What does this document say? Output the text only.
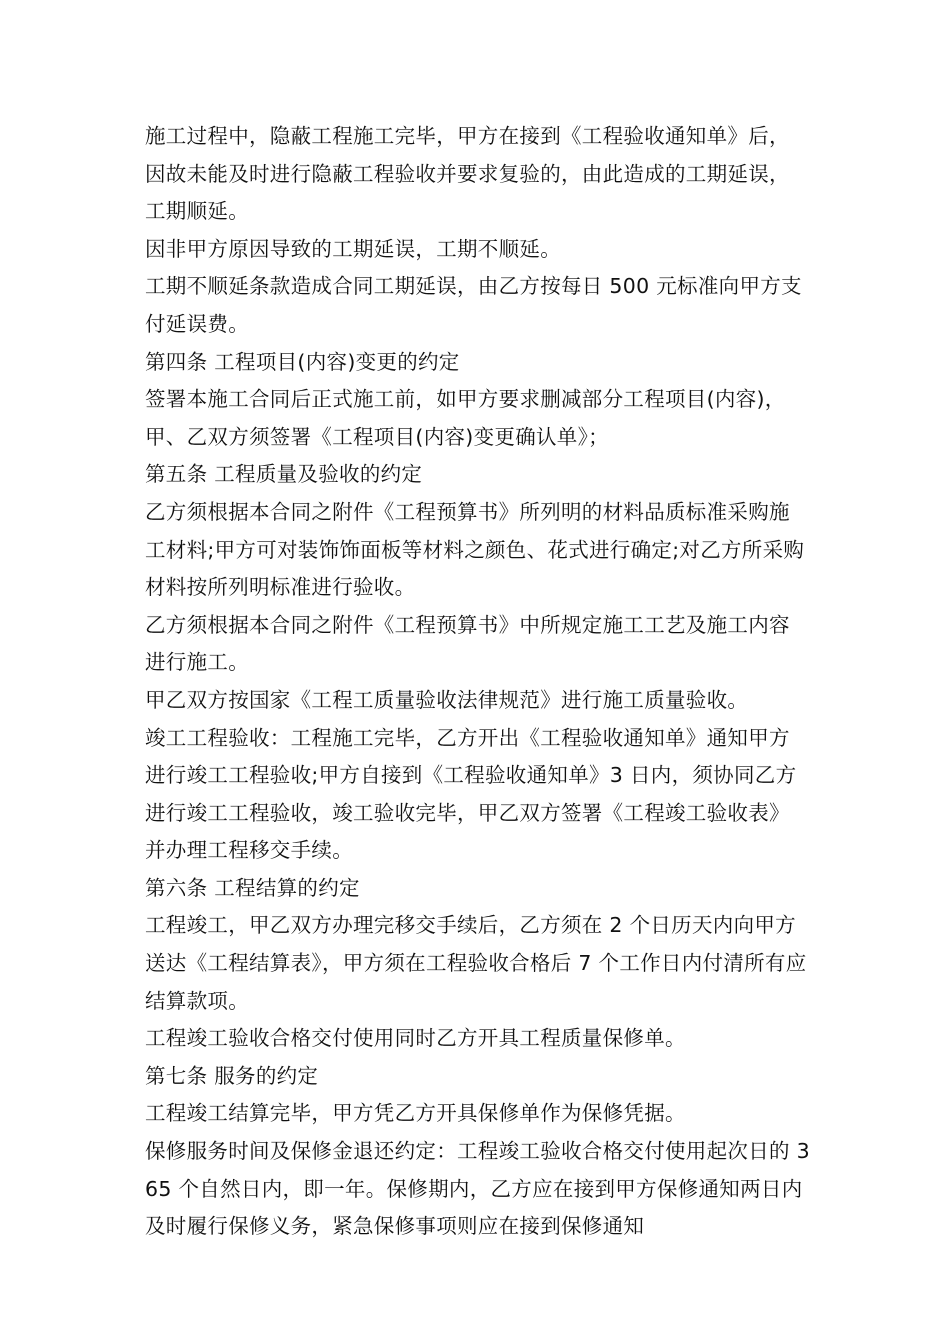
施工过程中，隐蔽工程施工完毕，甲方在接到《工程验收通知单》后，因故未能及时进行隐蔽工程验收并要求复验的，由此造成的工期延误，工期顺延。

因非甲方原因导致的工期延误，工期不顺延。

工期不顺延条款造成合同工期延误，由乙方按每日 500 元标准向甲方支付延误费。

第四条 工程项目(内容)变更的约定

签署本施工合同后正式施工前，如甲方要求删减部分工程项目(内容)，甲、乙双方须签署《工程项目(内容)变更确认单》；

第五条 工程质量及验收的约定

乙方须根据本合同之附件《工程预算书》所列明的材料品质标准采购施工材料;甲方可对装饰饰面板等材料之颜色、花式进行确定;对乙方所采购材料按所列明标准进行验收。

乙方须根据本合同之附件《工程预算书》中所规定施工工艺及施工内容进行施工。

甲乙双方按国家《工程工质量验收法律规范》进行施工质量验收。

竣工工程验收：工程施工完毕，乙方开出《工程验收通知单》通知甲方进行竣工工程验收;甲方自接到《工程验收通知单》3 日内，须协同乙方进行竣工工程验收，竣工验收完毕，甲乙双方签署《工程竣工验收表》并办理工程移交手续。

第六条 工程结算的约定

工程竣工，甲乙双方办理完移交手续后，乙方须在 2 个日历天内向甲方送达《工程结算表》，甲方须在工程验收合格后 7 个工作日内付清所有应结算款项。

工程竣工验收合格交付使用同时乙方开具工程质量保修单。

第七条 服务的约定

工程竣工结算完毕，甲方凭乙方开具保修单作为保修凭据。

保修服务时间及保修金退还约定：工程竣工验收合格交付使用起次日的 365 个自然日内，即一年。保修期内，乙方应在接到甲方保修通知两日内及时履行保修义务，紧急保修事项则应在接到保修通知
